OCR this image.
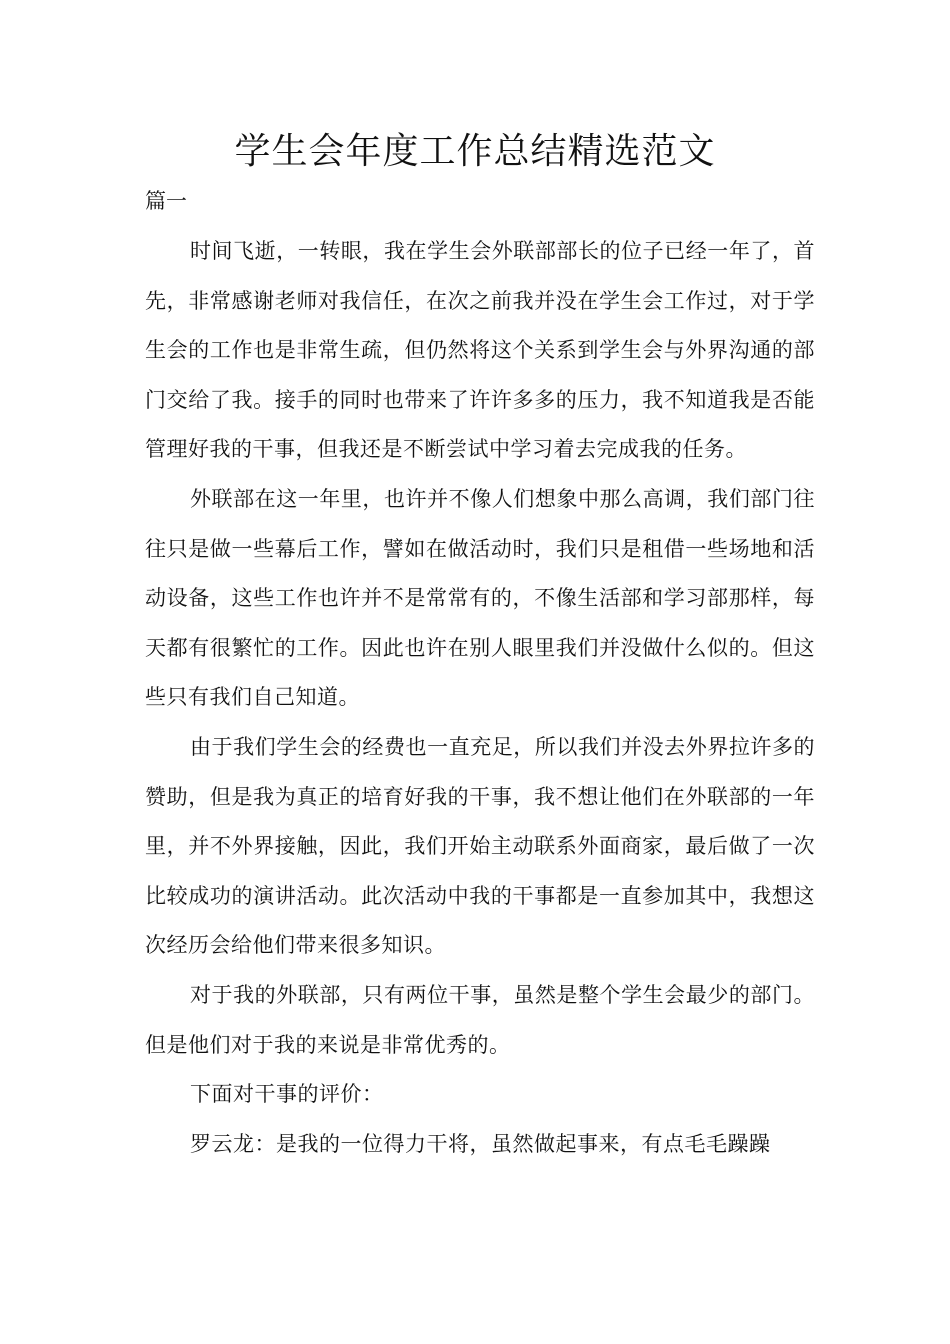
学生会年度工作总结精选范文

篇一

时间飞逝，一转眼，我在学生会外联部部长的位子已经一年了，首先，非常感谢老师对我信任，在次之前我并没在学生会工作过，对于学生会的工作也是非常生疏，但仍然将这个关系到学生会与外界沟通的部门交给了我。接手的同时也带来了许许多多的压力，我不知道我是否能管理好我的干事，但我还是不断尝试中学习着去完成我的任务。

外联部在这一年里，也许并不像人们想象中那么高调，我们部门往往只是做一些幕后工作，譬如在做活动时，我们只是租借一些场地和活动设备，这些工作也许并不是常常有的，不像生活部和学习部那样，每天都有很繁忙的工作。因此也许在别人眼里我们并没做什么似的。但这些只有我们自己知道。

由于我们学生会的经费也一直充足，所以我们并没去外界拉许多的赞助，但是我为真正的培育好我的干事，我不想让他们在外联部的一年里，并不外界接触，因此，我们开始主动联系外面商家，最后做了一次比较成功的演讲活动。此次活动中我的干事都是一直参加其中，我想这次经历会给他们带来很多知识。

对于我的外联部，只有两位干事，虽然是整个学生会最少的部门。但是他们对于我的来说是非常优秀的。

下面对干事的评价：

罗云龙：是我的一位得力干将，虽然做起事来，有点毛毛躁躁
